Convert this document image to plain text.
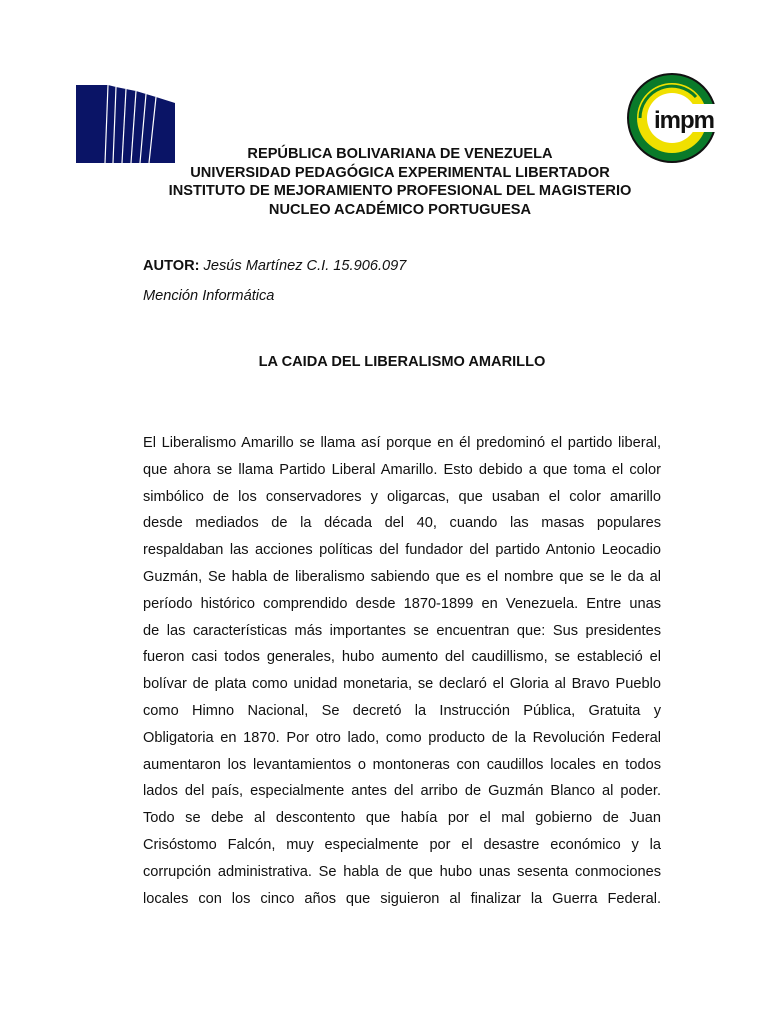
impm
REPÚBLICA BOLIVARIANA DE VENEZUELA
UNIVERSIDAD PEDAGÓGICA EXPERIMENTAL LIBERTADOR
INSTITUTO DE MEJORAMIENTO PROFESIONAL DEL MAGISTERIO
NUCLEO ACADÉMICO PORTUGUESA
AUTOR: Jesús Martínez C.I. 15.906.097
Mención Informática
LA CAIDA DEL LIBERALISMO AMARILLO
El Liberalismo Amarillo se llama así porque en él predominó el partido liberal,
que ahora se llama Partido Liberal Amarillo. Esto debido a que toma el color
simbólico de los conservadores y oligarcas, que usaban el color amarillo
desde mediados de la década del 40, cuando las masas populares
respaldaban las acciones políticas del fundador del partido Antonio Leocadio
Guzmán, Se habla de liberalismo sabiendo que es el nombre que se le da al
período histórico comprendido desde 1870-1899 en Venezuela. Entre unas
de las características más importantes se encuentran que: Sus presidentes
fueron casi todos generales, hubo aumento del caudillismo, se estableció el
bolívar de plata como unidad monetaria, se declaró el Gloria al Bravo Pueblo
como Himno Nacional, Se decretó la Instrucción Pública, Gratuita y
Obligatoria en 1870. Por otro lado, como producto de la Revolución Federal
aumentaron los levantamientos o montoneras con caudillos locales en todos
lados del país, especialmente antes del arribo de Guzmán Blanco al poder.
Todo se debe al descontento que había por el mal gobierno de Juan
Crisóstomo Falcón, muy especialmente por el desastre económico y la
corrupción administrativa. Se habla de que hubo unas sesenta conmociones
locales con los cinco años que siguieron al finalizar la Guerra Federal.
